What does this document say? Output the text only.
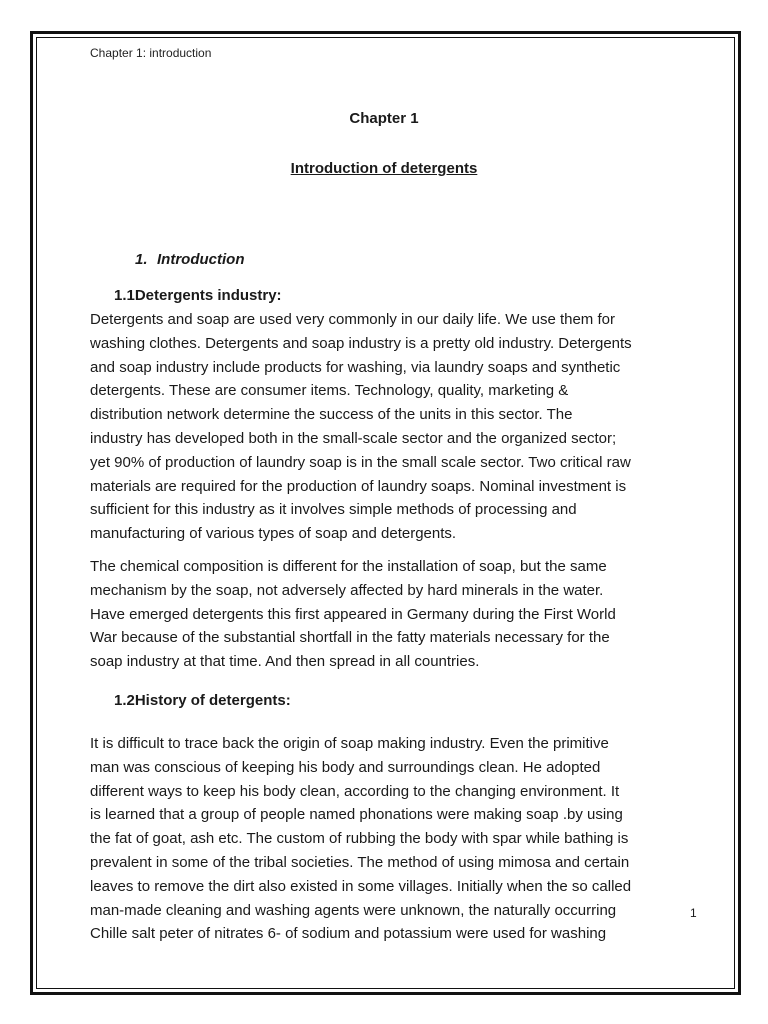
Chapter 1: introduction
Chapter 1
Introduction of detergents
1. Introduction
1.1Detergents industry:
Detergents and soap are used very commonly in our daily life. We use them for
washing clothes. Detergents and soap industry is a pretty old industry. Detergents
and soap industry include products for washing, via laundry soaps and synthetic
detergents. These are consumer items. Technology, quality, marketing &
distribution network determine the success of the units in this sector. The
industry has developed both in the small-scale sector and the organized sector;
yet 90% of production of laundry soap is in the small scale sector. Two critical raw
materials are required for the production of laundry soaps. Nominal investment is
sufficient for this industry as it involves simple methods of processing and
manufacturing of various types of soap and detergents.
The chemical composition is different for the installation of soap, but the same
mechanism by the soap, not adversely affected by hard minerals in the water.
Have emerged detergents this first appeared in Germany during the First World
War because of the substantial shortfall in the fatty materials necessary for the
soap industry at that time. And then spread in all countries.
1.2History of detergents:
It is difficult to trace back the origin of soap making industry. Even the primitive
man was conscious of keeping his body and surroundings clean. He adopted
different ways to keep his body clean, according to the changing environment. It
is learned that a group of people named phonations were making soap .by using
the fat of goat, ash etc. The custom of rubbing the body with spar while bathing is
prevalent in some of the tribal societies. The method of using mimosa and certain
leaves to remove the dirt also existed in some villages. Initially when the so called
man-made cleaning and washing agents were unknown, the naturally occurring
Chille salt peter of nitrates 6- of sodium and potassium were used for washing
1
